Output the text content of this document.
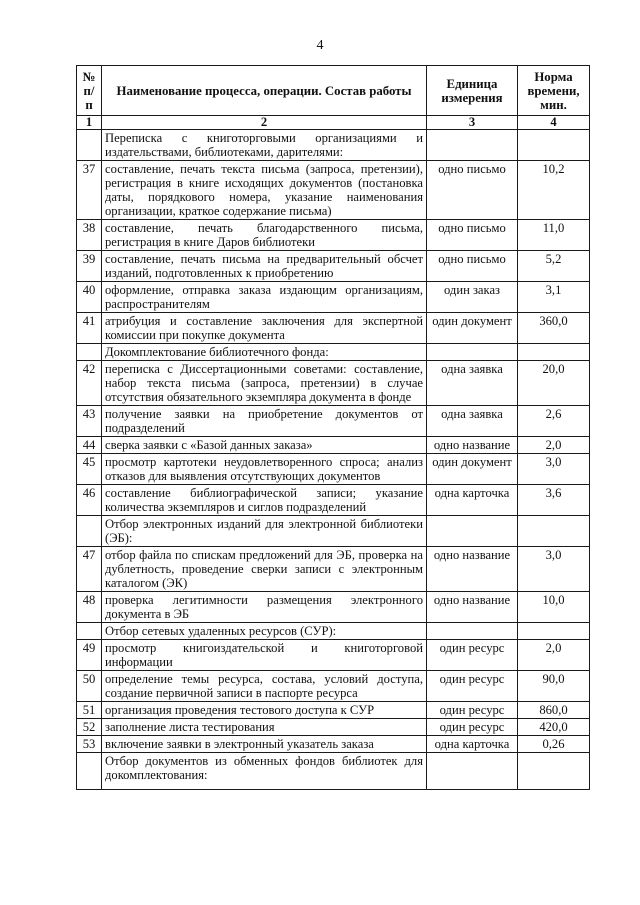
4
№ п/п	Наименование процесса, операции. Состав работы	Единица измерения	Норма времени, мин.
1	2	3	4
	Переписка с книготорговыми организациями и издательствами, библиотеками, дарителями:		
37	составление, печать текста письма (запроса, претензии), регистрация в книге исходящих документов (постановка даты, порядкового номера, указание наименования организации, краткое содержание письма)	одно письмо	10,2
38	составление, печать благодарственного письма, регистрация в книге Даров библиотеки	одно письмо	11,0
39	составление, печать письма на предварительный обсчет изданий, подготовленных к приобретению	одно письмо	5,2
40	оформление, отправка заказа издающим организациям, распространителям	один заказ	3,1
41	атрибуция и составление заключения для экспертной комиссии при покупке документа	один документ	360,0
	Докомплектование библиотечного фонда:		
42	переписка с Диссертационными советами: составление, набор текста письма (запроса, претензии) в случае отсутствия обязательного экземпляра документа в фонде	одна заявка	20,0
43	получение заявки на приобретение документов от подразделений	одна заявка	2,6
44	сверка заявки с «Базой данных заказа»	одно название	2,0
45	просмотр картотеки неудовлетворенного спроса; анализ отказов для выявления отсутствующих документов	один документ	3,0
46	составление библиографической записи; указание количества экземпляров и сиглов подразделений	одна карточка	3,6
	Отбор электронных изданий для электронной библиотеки (ЭБ):		
47	отбор файла по спискам предложений для ЭБ, проверка на дублетность, проведение сверки записи с электронным каталогом (ЭК)	одно название	3,0
48	проверка легитимности размещения электронного документа в ЭБ	одно название	10,0
	Отбор сетевых удаленных ресурсов (СУР):		
49	просмотр книгоиздательской и книготорговой информации	один ресурс	2,0
50	определение темы ресурса, состава, условий доступа, создание первичной записи в паспорте ресурса	один ресурс	90,0
51	организация проведения тестового доступа к СУР	один ресурс	860,0
52	заполнение листа тестирования	один ресурс	420,0
53	включение заявки в электронный указатель заказа	одна карточка	0,26
	Отбор документов из обменных фондов библиотек для докомплектования:		
